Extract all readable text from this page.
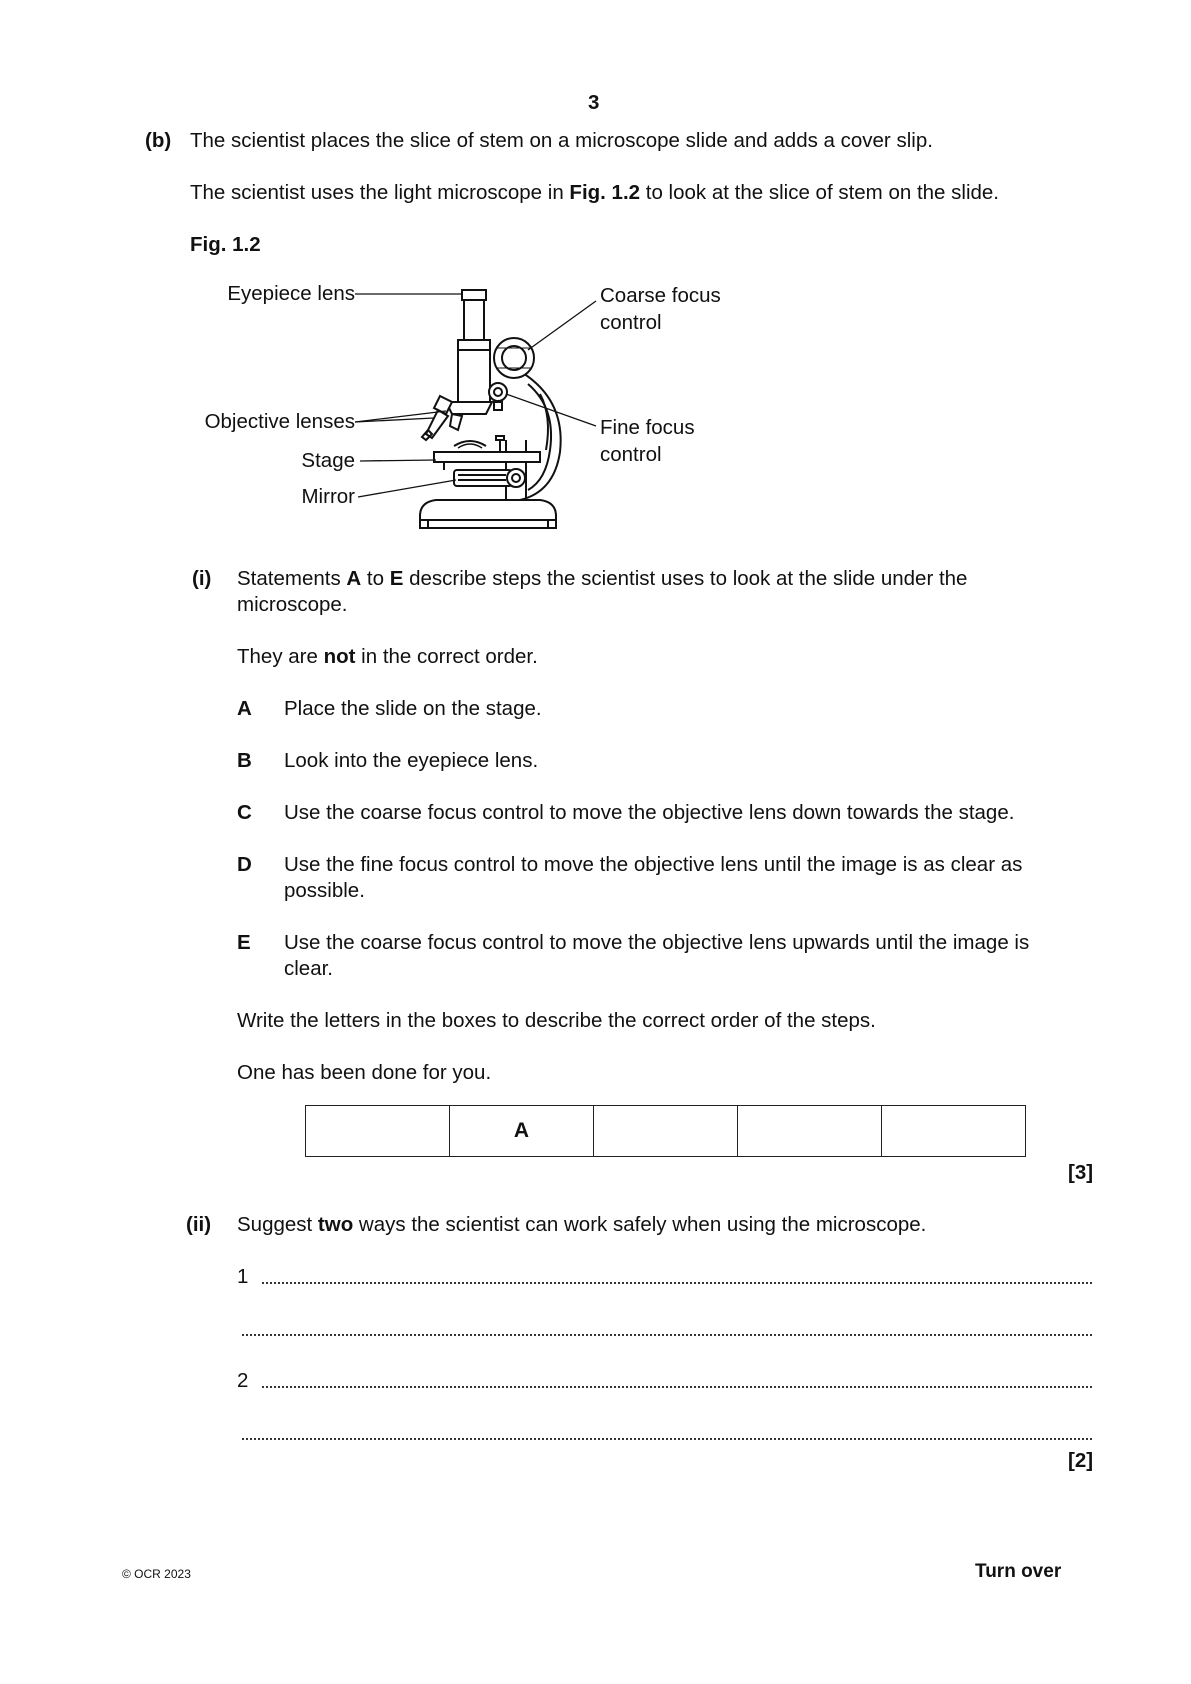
3
(b) The scientist places the slice of stem on a microscope slide and adds a cover slip.
The scientist uses the light microscope in Fig. 1.2 to look at the slice of stem on the slide.
Fig. 1.2
Eyepiece lens
Objective lenses
Stage
Mirror
Coarse focus
control
Fine focus
control
(i) Statements A to E describe steps the scientist uses to look at the slide under the
microscope.
They are not in the correct order.
A Place the slide on the stage.
B Look into the eyepiece lens.
C Use the coarse focus control to move the objective lens down towards the stage.
D Use the fine focus control to move the objective lens until the image is as clear as
possible.
E Use the coarse focus control to move the objective lens upwards until the image is
clear.
Write the letters in the boxes to describe the correct order of the steps.
One has been done for you.
	A			
[3]
(ii) Suggest two ways the scientist can work safely when using the microscope.
1
2
[2]
© OCR 2023	Turn over
